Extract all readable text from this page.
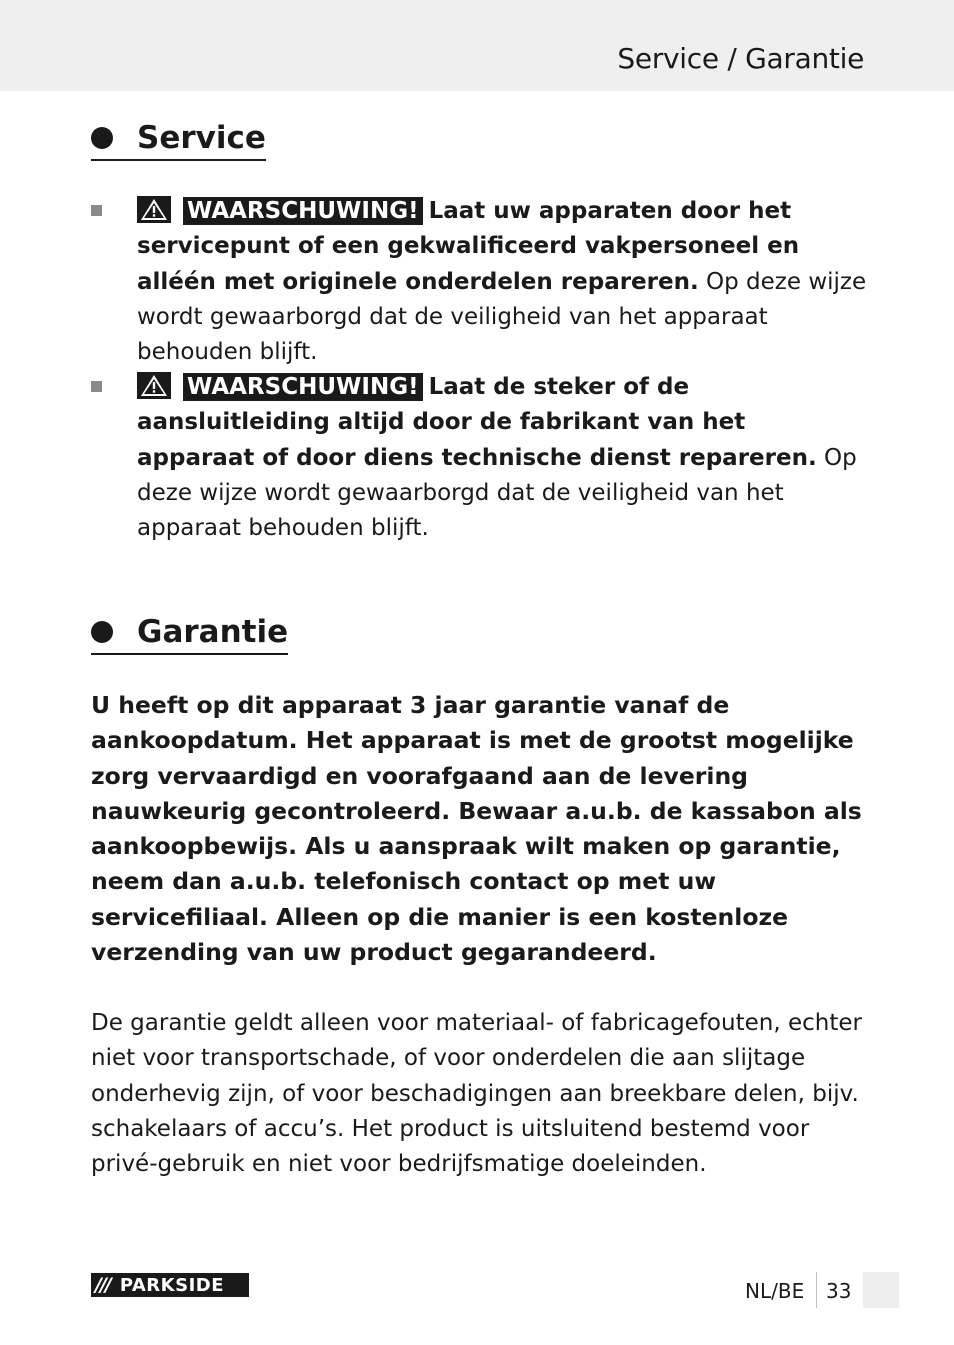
Service / Garantie
Service
WAARSCHUWING! Laat uw apparaten door het servicepunt of een gekwalificeerd vakpersoneel en alléén met originele onderdelen repareren. Op deze wijze wordt gewaarborgd dat de veiligheid van het apparaat behouden blijft.
WAARSCHUWING! Laat de steker of de aansluitleiding altijd door de fabrikant van het apparaat of door diens technische dienst repareren. Op deze wijze wordt gewaarborgd dat de veiligheid van het apparaat behouden blijft.
Garantie
U heeft op dit apparaat 3 jaar garantie vanaf de aankoopdatum. Het apparaat is met de grootst mogelijke zorg vervaardigd en voorafgaand aan de levering nauwkeurig gecontroleerd. Bewaar a.u.b. de kassabon als aankoopbewijs. Als u aanspraak wilt maken op garantie, neem dan a.u.b. telefonisch contact op met uw servicefiliaal. Alleen op die manier is een kostenloze verzending van uw product gegarandeerd.
De garantie geldt alleen voor materiaal- of fabricagefouten, echter niet voor transportschade, of voor onderdelen die aan slijtage onderhevig zijn, of voor beschadigingen aan breekbare delen, bijv. schakelaars of accu’s. Het product is uitsluitend bestemd voor privé-gebruik en niet voor bedrijfsmatige doeleinden.
/// PARKSIDE	NL/BE 33
